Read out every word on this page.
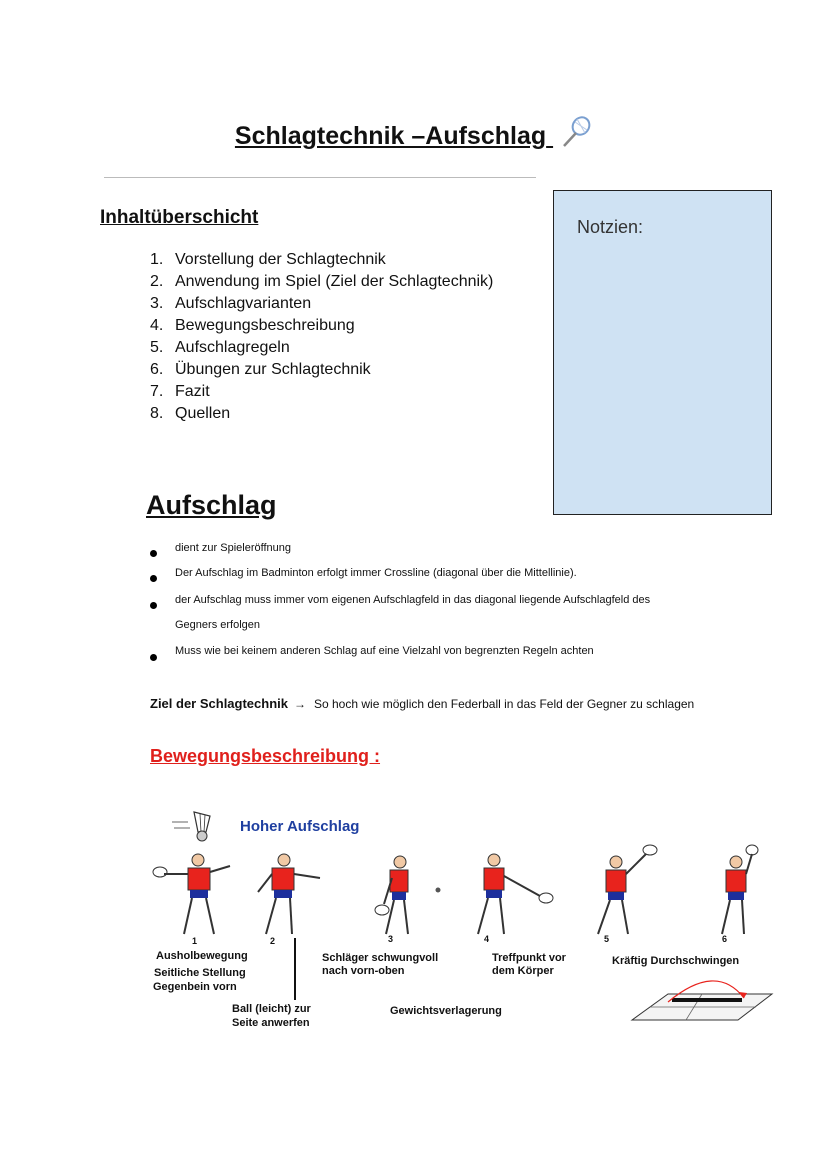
Schlagtechnik –Aufschlag
Inhaltüberschicht
1. Vorstellung der Schlagtechnik
2. Anwendung im Spiel (Ziel der Schlagtechnik)
3. Aufschlagvarianten
4. Bewegungsbeschreibung
5. Aufschlagregeln
6. Übungen zur Schlagtechnik
7. Fazit
8. Quellen
Notzien:
Aufschlag
dient zur Spieleröffnung
Der Aufschlag im Badminton erfolgt immer Crossline (diagonal über die Mittellinie).
der Aufschlag muss immer vom eigenen Aufschlagfeld in das diagonal liegende Aufschlagfeld des
Gegners erfolgen
Muss wie bei keinem anderen Schlag auf eine Vielzahl von begrenzten Regeln achten
Ziel der Schlagtechnik → So hoch wie möglich den Federball in das Feld der Gegner zu schlagen
Bewegungsbeschreibung :
Hoher Aufschlag
1	2	3	4	5	6
Ausholbewegung
Seitliche Stellung
Gegenbein vorn
Ball (leicht) zur
Seite anwerfen
Schläger schwungvoll
nach vorn-oben
Treffpunkt vor
dem Körper
Kräftig Durchschwingen
Gewichtsverlagerung
